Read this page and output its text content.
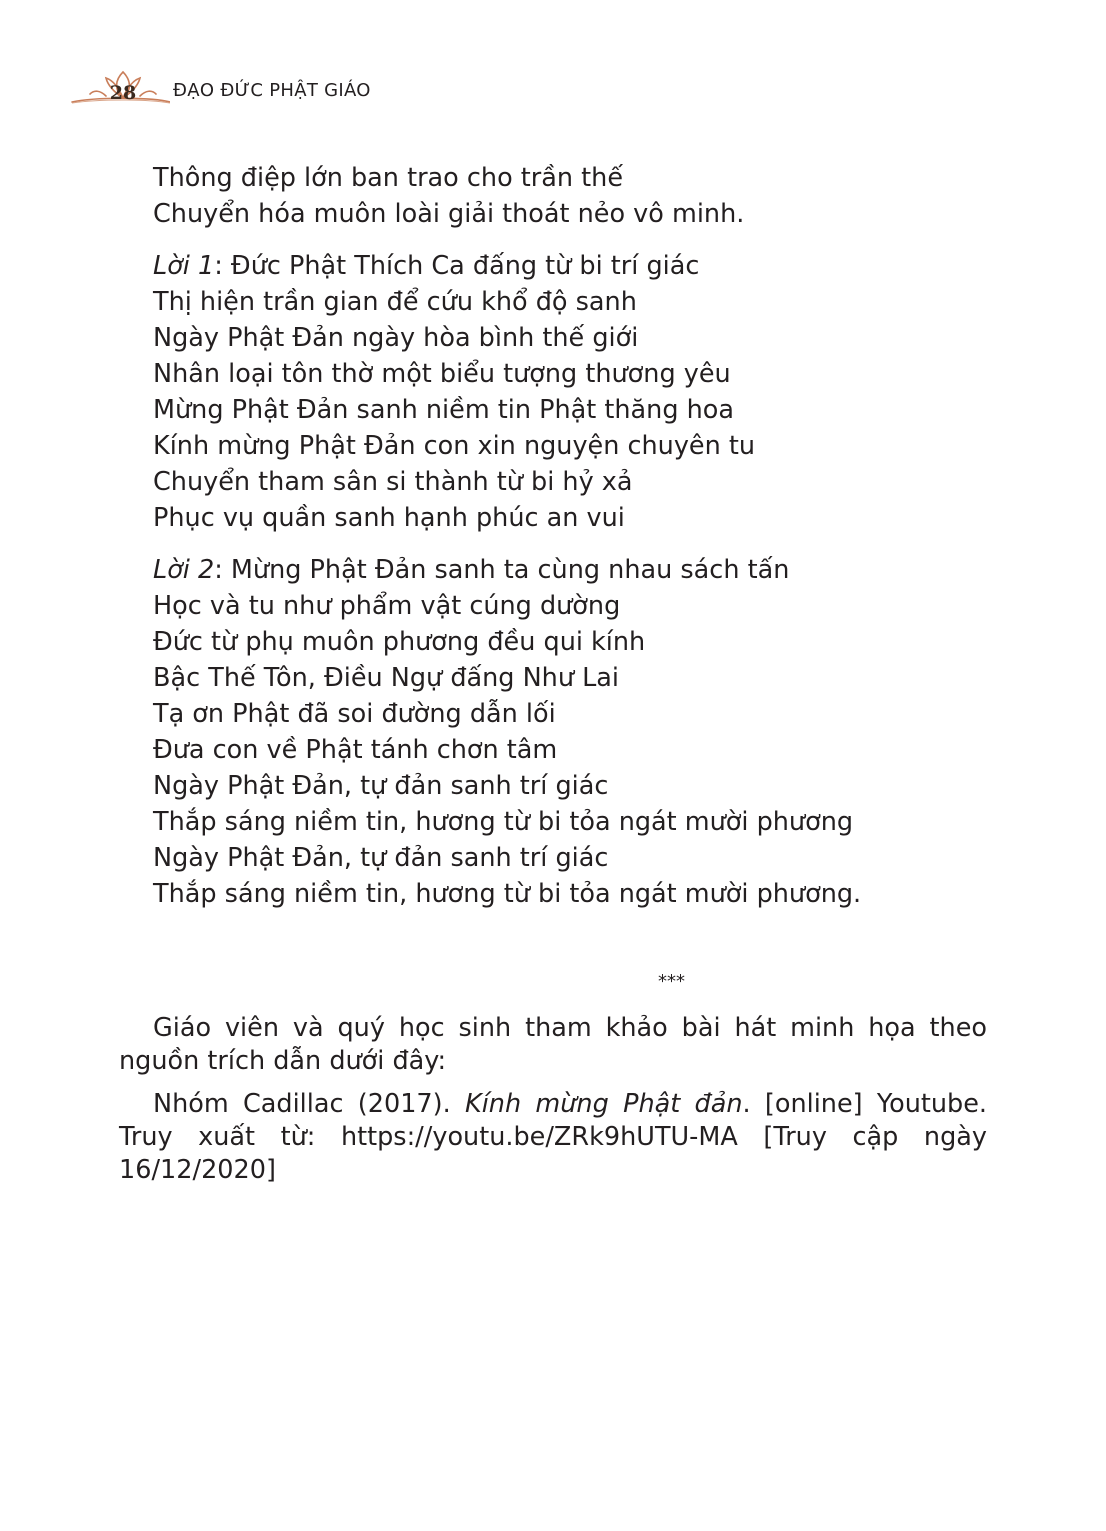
28 ĐẠO ĐỨC PHẬT GIÁO
Thông điệp lớn ban trao cho trần thế
Chuyển hóa muôn loài giải thoát nẻo vô minh.
Lời 1: Đức Phật Thích Ca đấng từ bi trí giác
Thị hiện trần gian để cứu khổ độ sanh
Ngày Phật Đản ngày hòa bình thế giới
Nhân loại tôn thờ một biểu tượng thương yêu
Mừng Phật Đản sanh niềm tin Phật thăng hoa
Kính mừng Phật Đản con xin nguyện chuyên tu
Chuyển tham sân si thành từ bi hỷ xả
Phục vụ quần sanh hạnh phúc an vui
Lời 2: Mừng Phật Đản sanh ta cùng nhau sách tấn
Học và tu như phẩm vật cúng dường
Đức từ phụ muôn phương đều qui kính
Bậc Thế Tôn, Điều Ngự đấng Như Lai
Tạ ơn Phật đã soi đường dẫn lối
Đưa con về Phật tánh chơn tâm
Ngày Phật Đản, tự đản sanh trí giác
Thắp sáng niềm tin, hương từ bi tỏa ngát mười phương
Ngày Phật Đản, tự đản sanh trí giác
Thắp sáng niềm tin, hương từ bi tỏa ngát mười phương.
***

Giáo viên và quý học sinh tham khảo bài hát minh họa theo nguồn trích dẫn dưới đây:

Nhóm Cadillac (2017). Kính mừng Phật đản. [online] Youtube. Truy xuất từ: https://youtu.be/ZRk9hUTU-MA [Truy cập ngày 16/12/2020]
